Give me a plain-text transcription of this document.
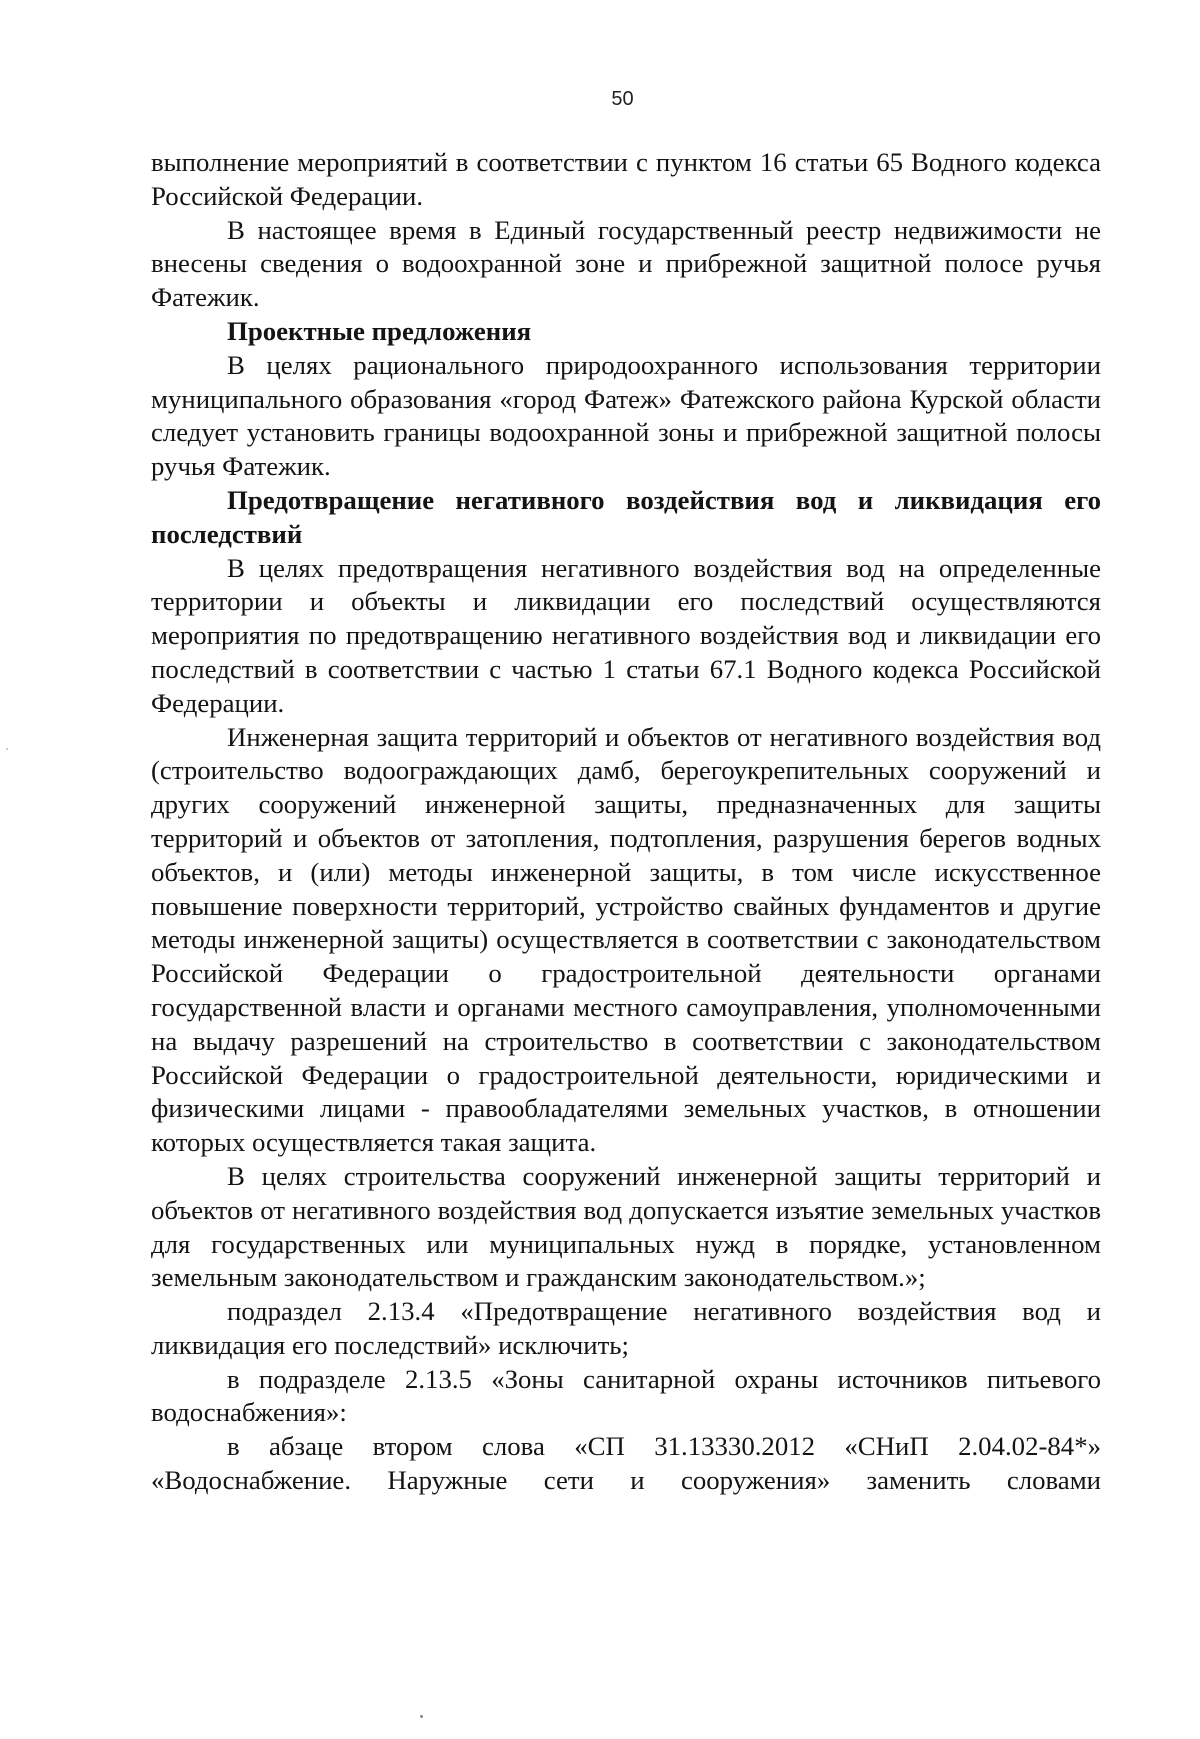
50

выполнение мероприятий в соответствии с пунктом 16 статьи 65 Водного кодекса Российской Федерации.

В настоящее время в Единый государственный реестр недвижимости не внесены сведения о водоохранной зоне и прибрежной защитной полосе ручья Фатежик.

Проектные предложения

В целях рационального природоохранного использования территории муниципального образования «город Фатеж» Фатежского района Курской области следует установить границы водоохранной зоны и прибрежной защитной полосы ручья Фатежик.

Предотвращение негативного воздействия вод и ликвидация его последствий

В целях предотвращения негативного воздействия вод на определенные территории и объекты и ликвидации его последствий осуществляются мероприятия по предотвращению негативного воздействия вод и ликвидации его последствий в соответствии с частью 1 статьи 67.1 Водного кодекса Российской Федерации.

Инженерная защита территорий и объектов от негативного воздействия вод (строительство водоограждающих дамб, берегоукрепительных сооружений и других сооружений инженерной защиты, предназначенных для защиты территорий и объектов от затопления, подтопления, разрушения берегов водных объектов, и (или) методы инженерной защиты, в том числе искусственное повышение поверхности территорий, устройство свайных фундаментов и другие методы инженерной защиты) осуществляется в соответствии с законодательством Российской Федерации о градостроительной деятельности органами государственной власти и органами местного самоуправления, уполномоченными на выдачу разрешений на строительство в соответствии с законодательством Российской Федерации о градостроительной деятельности, юридическими и физическими лицами - правообладателями земельных участков, в отношении которых осуществляется такая защита.

В целях строительства сооружений инженерной защиты территорий и объектов от негативного воздействия вод допускается изъятие земельных участков для государственных или муниципальных нужд в порядке, установленном земельным законодательством и гражданским законодательством.»;

подраздел 2.13.4 «Предотвращение негативного воздействия вод и ликвидация его последствий» исключить;

в подразделе 2.13.5 «Зоны санитарной охраны источников питьевого водоснабжения»:

в абзаце втором слова «СП 31.13330.2012 «СНиП 2.04.02-84*» «Водоснабжение. Наружные сети и сооружения» заменить словами
